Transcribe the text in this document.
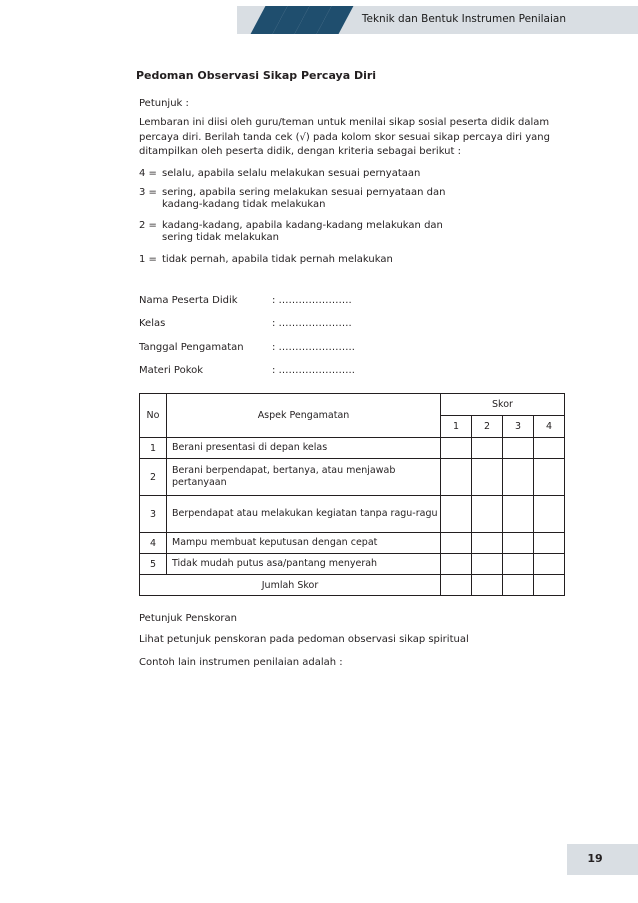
Teknik dan Bentuk Instrumen Penilaian
Pedoman Observasi Sikap Percaya Diri
Petunjuk :
Lembaran ini diisi oleh guru/teman untuk menilai sikap sosial peserta didik dalam percaya diri. Berilah tanda cek (√) pada kolom skor sesuai sikap percaya diri yang ditampilkan oleh peserta didik, dengan kriteria sebagai berikut :
4 = selalu, apabila selalu melakukan sesuai pernyataan
3 = sering, apabila sering melakukan sesuai pernyataan dan
kadang-kadang tidak melakukan
2 = kadang-kadang, apabila kadang-kadang melakukan dan
sering tidak melakukan
1 = tidak pernah, apabila tidak pernah melakukan
Nama Peserta Didik	: ………………….
Kelas	: ………………….
Tanggal Pengamatan	: …………………..
Materi Pokok	: …………………..
No	Aspek Pengamatan	Skor			
		1	2	3	4
1	Berani presentasi di depan kelas				
2	Berani berpendapat, bertanya, atau menjawab pertanyaan				
3	Berpendapat atau melakukan kegiatan tanpa ragu-ragu				
4	Mampu membuat keputusan dengan cepat				
5	Tidak mudah putus asa/pantang menyerah				
Jumlah Skor					
Petunjuk Penskoran
Lihat petunjuk penskoran pada pedoman observasi sikap spiritual
Contoh lain instrumen penilaian adalah :
19
